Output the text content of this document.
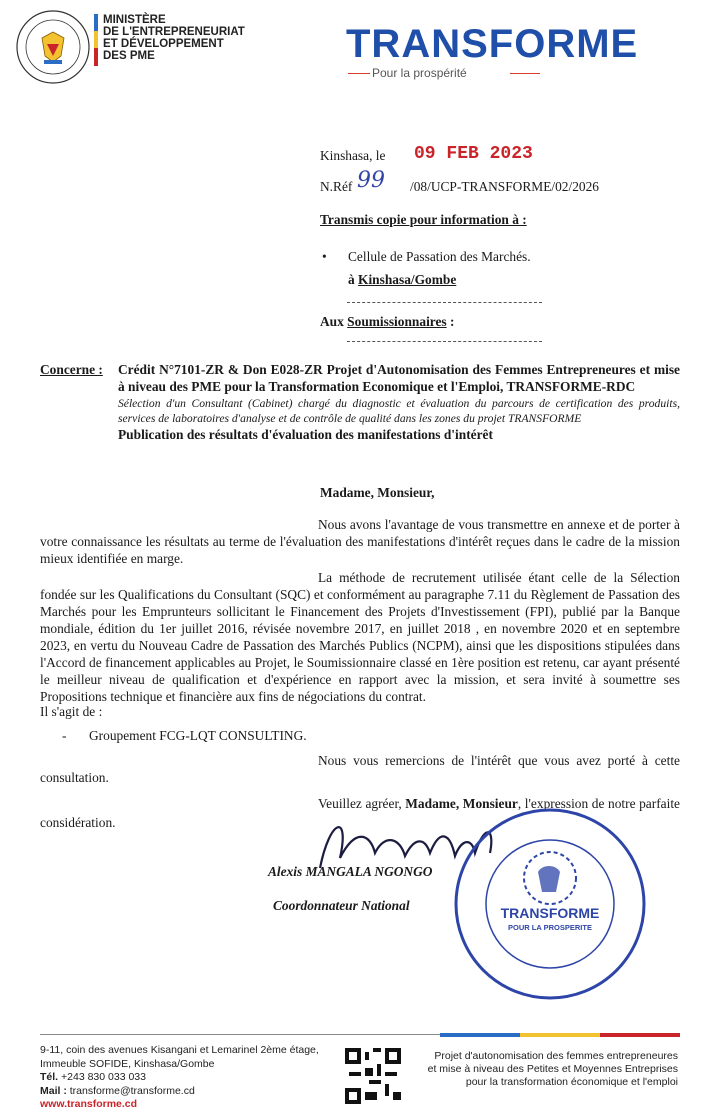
MINISTÈRE
DE L'ENTREPRENEURIAT
ET DÉVELOPPEMENT
DES PME	TRANSFORME
Pour la prospérité
Kinshasa, le 09 FEB 2023
N.Réf 99 /08/UCP-TRANSFORME/02/2026
Transmis copie pour information à :
• Cellule de Passation des Marchés.
à Kinshasa/Gombe
Aux Soumissionnaires :
Concerne : Crédit N°7101-ZR & Don E028-ZR Projet d'Autonomisation des Femmes Entrepreneures et mise à niveau des PME pour la Transformation Economique et l'Emploi, TRANSFORME-RDC
Sélection d'un Consultant (Cabinet) chargé du diagnostic et évaluation du parcours de certification des produits, services de laboratoires d'analyse et de contrôle de qualité dans les zones du projet TRANSFORME
Publication des résultats d'évaluation des manifestations d'intérêt
Madame, Monsieur,
Nous avons l'avantage de vous transmettre en annexe et de porter à votre connaissance les résultats au terme de l'évaluation des manifestations d'intérêt reçues dans le cadre de la mission mieux identifiée en marge.
La méthode de recrutement utilisée étant celle de la Sélection fondée sur les Qualifications du Consultant (SQC) et conformément au paragraphe 7.11 du Règlement de Passation des Marchés pour les Emprunteurs sollicitant le Financement des Projets d'Investissement (FPI), publié par la Banque mondiale, édition du 1er juillet 2016, révisée novembre 2017, en juillet 2018 , en novembre 2020 et en septembre 2023, en vertu du Nouveau Cadre de Passation des Marchés Publics (NCPM), ainsi que les dispositions stipulées dans l'Accord de financement applicables au Projet, le Soumissionnaire classé en 1ère position est retenu, car ayant présenté le meilleur niveau de qualification et d'expérience en rapport avec la mission, et sera invité à soumettre ses Propositions technique et financière aux fins de négociations du contrat.
Il s'agit de :
- Groupement FCG-LQT CONSULTING.
Nous vous remercions de l'intérêt que vous avez porté à cette consultation.
Veuillez agréer, Madame, Monsieur, l'expression de notre parfaite considération.
Alexis MANGALA NGONGO
Coordonnateur National	TRANSFORME
POUR LA PROSPERITE
9-11, coin des avenues Kisangani et Lemarinel 2ème étage,
Immeuble SOFIDE, Kinshasa/Gombe
Tél. +243 830 033 033
Mail : transforme@transforme.cd
www.transforme.cd
Projet d'autonomisation des femmes entrepreneures
et mise à niveau des Petites et Moyennes Entreprises
pour la transformation économique et l'emploi
